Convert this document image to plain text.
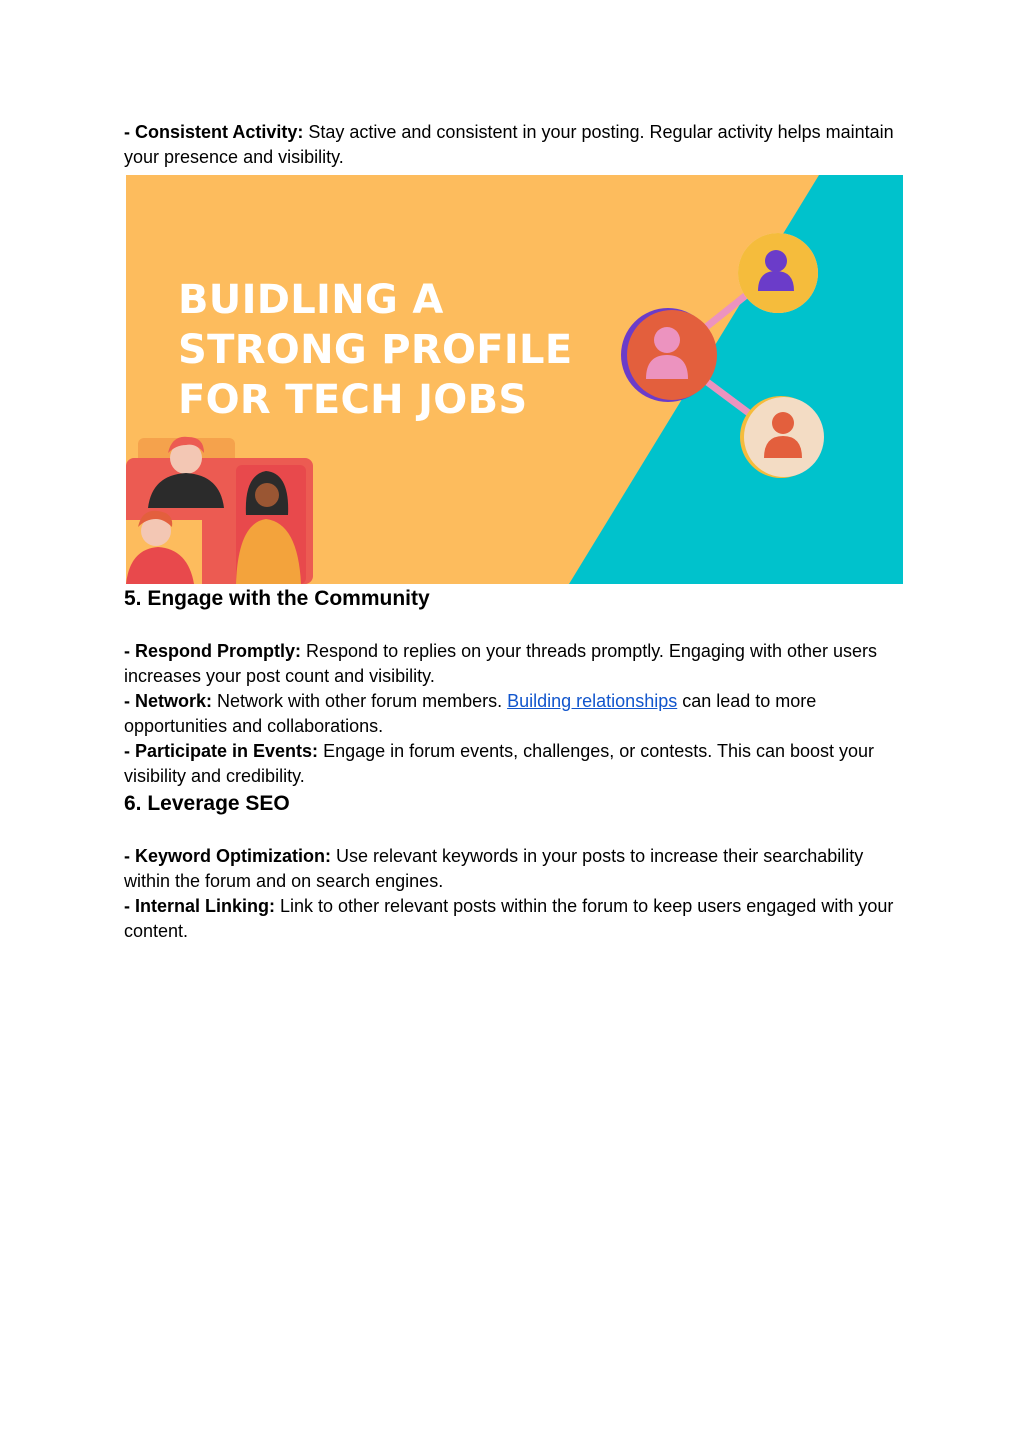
- Consistent Activity: Stay active and consistent in your posting. Regular activity helps maintain your presence and visibility.

BUIDLING A
STRONG PROFILE
FOR TECH JOBS
5. Engage with the Community

- Respond Promptly: Respond to replies on your threads promptly. Engaging with other users increases your post count and visibility.

- Network: Network with other forum members. Building relationships can lead to more opportunities and collaborations.

- Participate in Events: Engage in forum events, challenges, or contests. This can boost your visibility and credibility.

6. Leverage SEO

- Keyword Optimization: Use relevant keywords in your posts to increase their searchability within the forum and on search engines.

- Internal Linking: Link to other relevant posts within the forum to keep users engaged with your content.
